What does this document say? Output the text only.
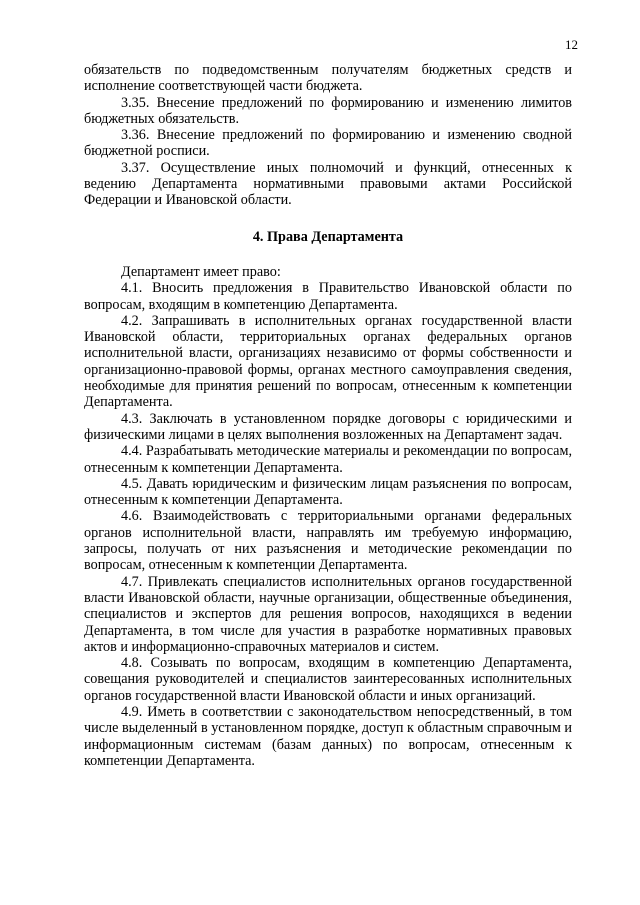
12

обязательств по подведомственным получателям бюджетных средств и исполнение соответствующей части бюджета.

3.35. Внесение предложений по формированию и изменению лимитов бюджетных обязательств.

3.36. Внесение предложений по формированию и изменению сводной бюджетной росписи.

3.37. Осуществление иных полномочий и функций, отнесенных к ведению Департамента нормативными правовыми актами Российской Федерации и Ивановской области.

4. Права Департамента

Департамент имеет право:

4.1. Вносить предложения в Правительство Ивановской области по вопросам, входящим в компетенцию Департамента.

4.2. Запрашивать в исполнительных органах государственной власти Ивановской области, территориальных органах федеральных органов исполнительной власти, организациях независимо от формы собственности и организационно-правовой формы, органах местного самоуправления сведения, необходимые для принятия решений по вопросам, отнесенным к компетенции Департамента.

4.3. Заключать в установленном порядке договоры с юридическими и физическими лицами в целях выполнения возложенных на Департамент задач.

4.4. Разрабатывать методические материалы и рекомендации по вопросам, отнесенным к компетенции Департамента.

4.5. Давать юридическим и физическим лицам разъяснения по вопросам, отнесенным к компетенции Департамента.

4.6. Взаимодействовать с территориальными органами федеральных органов исполнительной власти, направлять им требуемую информацию, запросы, получать от них разъяснения и методические рекомендации по вопросам, отнесенным к компетенции Департамента.

4.7. Привлекать специалистов исполнительных органов государственной власти Ивановской области, научные организации, общественные объединения, специалистов и экспертов для решения вопросов, находящихся в ведении Департамента, в том числе для участия в разработке нормативных правовых актов и информационно-справочных материалов и систем.

4.8. Созывать по вопросам, входящим в компетенцию Департамента, совещания руководителей и специалистов заинтересованных исполнительных органов государственной власти Ивановской области и иных организаций.

4.9. Иметь в соответствии с законодательством непосредственный, в том числе выделенный в установленном порядке, доступ к областным справочным и информационным системам (базам данных) по вопросам, отнесенным к компетенции Департамента.
